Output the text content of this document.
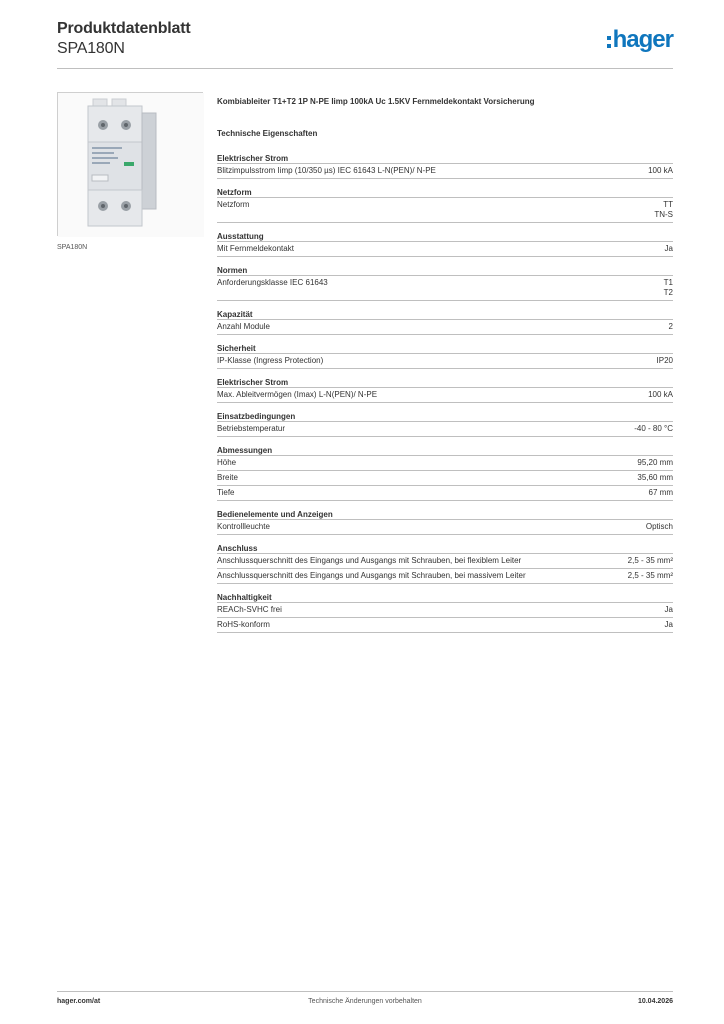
Produktdatenblatt
SPA180N	hager
SPA180N
Kombiableiter T1+T2 1P N-PE Iimp 100kA Uc 1.5KV Fernmeldekontakt Vorsicherung
Technische Eigenschaften
Elektrischer Strom
Blitzimpulsstrom Iimp (10/350 µs) IEC 61643 L-N(PEN)/ N-PE	100 kA
Netzform
Netzform	TT
TN-S
Ausstattung
Mit Fernmeldekontakt	Ja
Normen
Anforderungsklasse IEC 61643	T1
T2
Kapazität
Anzahl Module	2
Sicherheit
IP-Klasse (Ingress Protection)	IP20
Elektrischer Strom
Max. Ableitvermögen (Imax) L-N(PEN)/ N-PE	100 kA
Einsatzbedingungen
Betriebstemperatur	-40 - 80 °C
Abmessungen
Höhe	95,20 mm
Breite	35,60 mm
Tiefe	67 mm
Bedienelemente und Anzeigen
Kontrollleuchte	Optisch
Anschluss
Anschlussquerschnitt des Eingangs und Ausgangs mit Schrauben, bei flexiblem Leiter	2,5 - 35 mm²
Anschlussquerschnitt des Eingangs und Ausgangs mit Schrauben, bei massivem Leiter	2,5 - 35 mm²
Nachhaltigkeit
REACh-SVHC frei	Ja
RoHS-konform	Ja
hager.com/at	Technische Änderungen vorbehalten	10.04.2026
